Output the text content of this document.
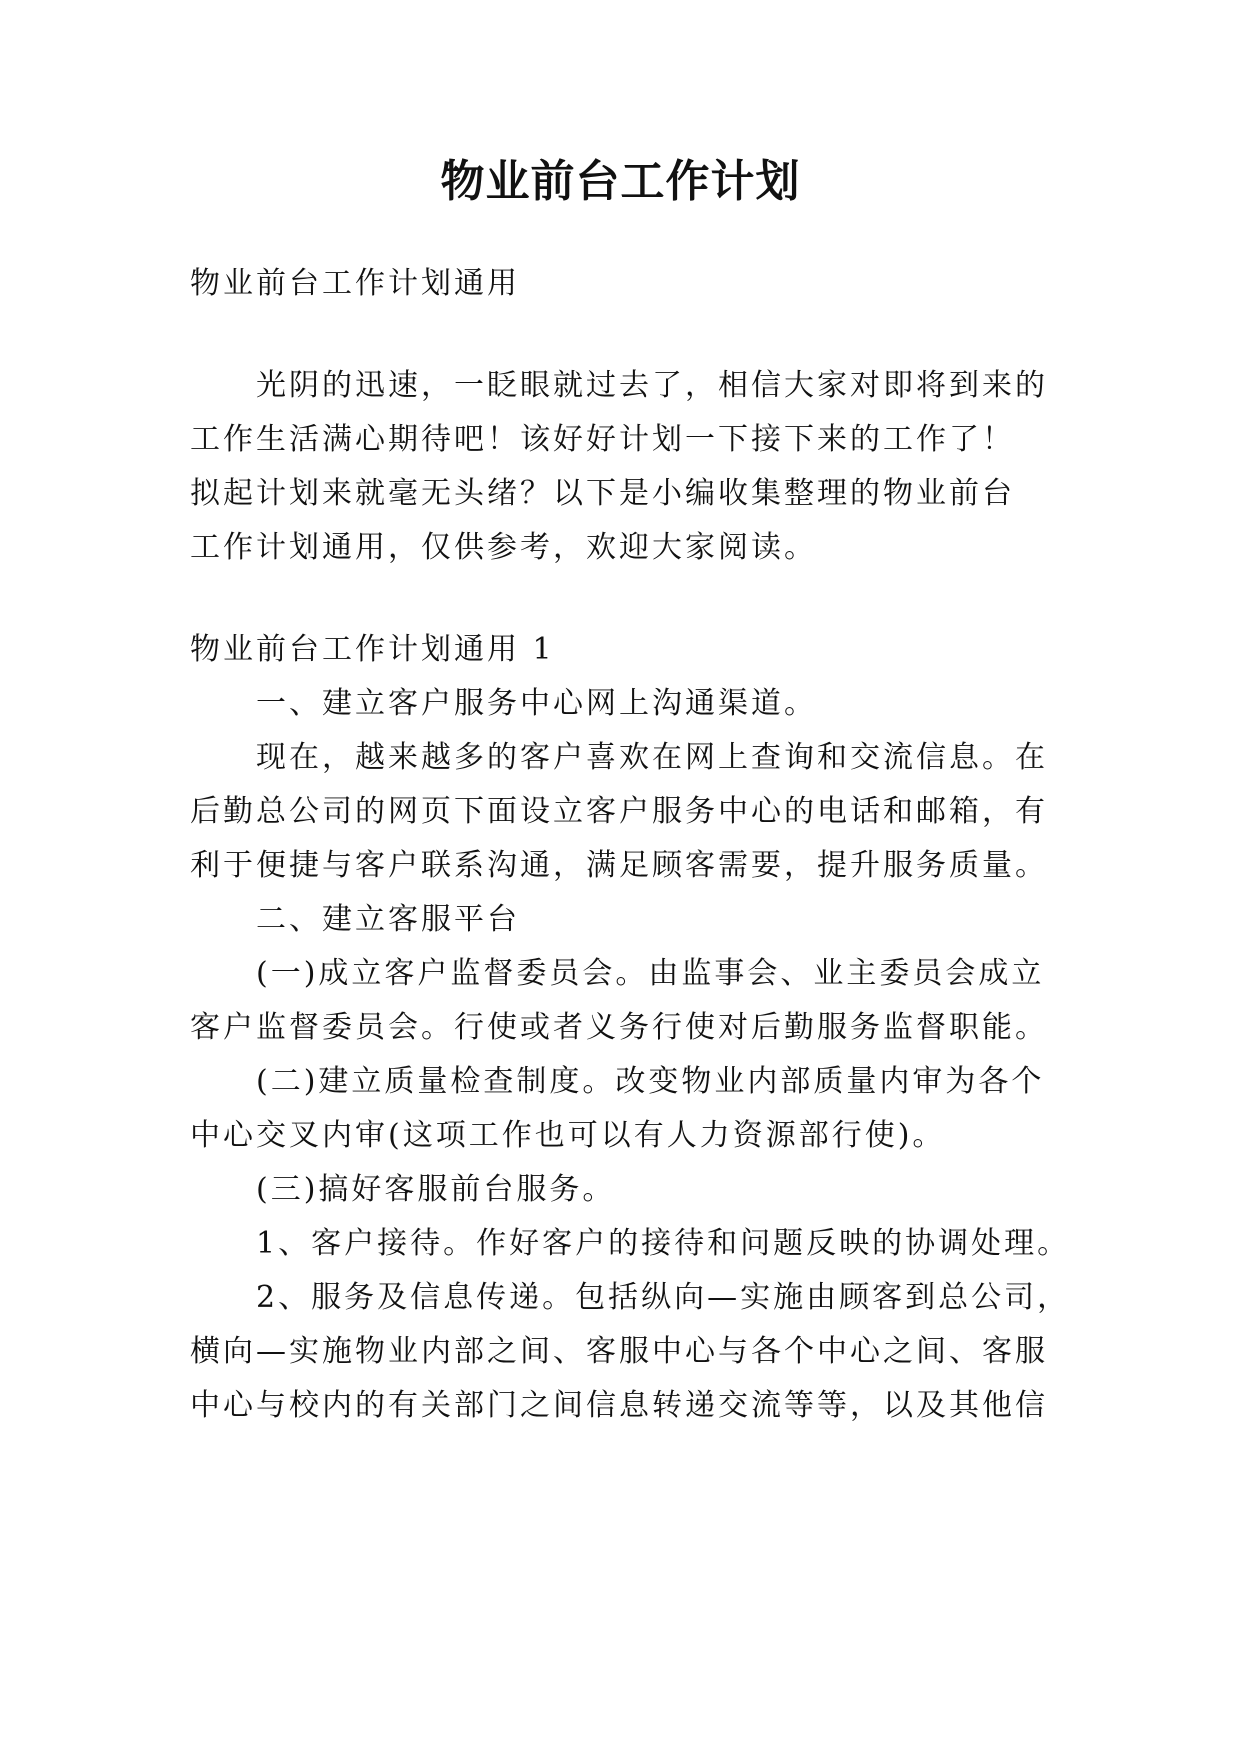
物业前台工作计划
物业前台工作计划通用
光阴的迅速，一眨眼就过去了，相信大家对即将到来的
工作生活满心期待吧！该好好计划一下接下来的工作了！
拟起计划来就毫无头绪？以下是小编收集整理的物业前台
工作计划通用，仅供参考，欢迎大家阅读。
物业前台工作计划通用 1
一、建立客户服务中心网上沟通渠道。
现在，越来越多的客户喜欢在网上查询和交流信息。在
后勤总公司的网页下面设立客户服务中心的电话和邮箱，有
利于便捷与客户联系沟通，满足顾客需要，提升服务质量。
二、建立客服平台
(一)成立客户监督委员会。由监事会、业主委员会成立
客户监督委员会。行使或者义务行使对后勤服务监督职能。
(二)建立质量检查制度。改变物业内部质量内审为各个
中心交叉内审(这项工作也可以有人力资源部行使)。
(三)搞好客服前台服务。
1、客户接待。作好客户的接待和问题反映的协调处理。
2、服务及信息传递。包括纵向—实施由顾客到总公司，
横向—实施物业内部之间、客服中心与各个中心之间、客服
中心与校内的有关部门之间信息转递交流等等，以及其他信
